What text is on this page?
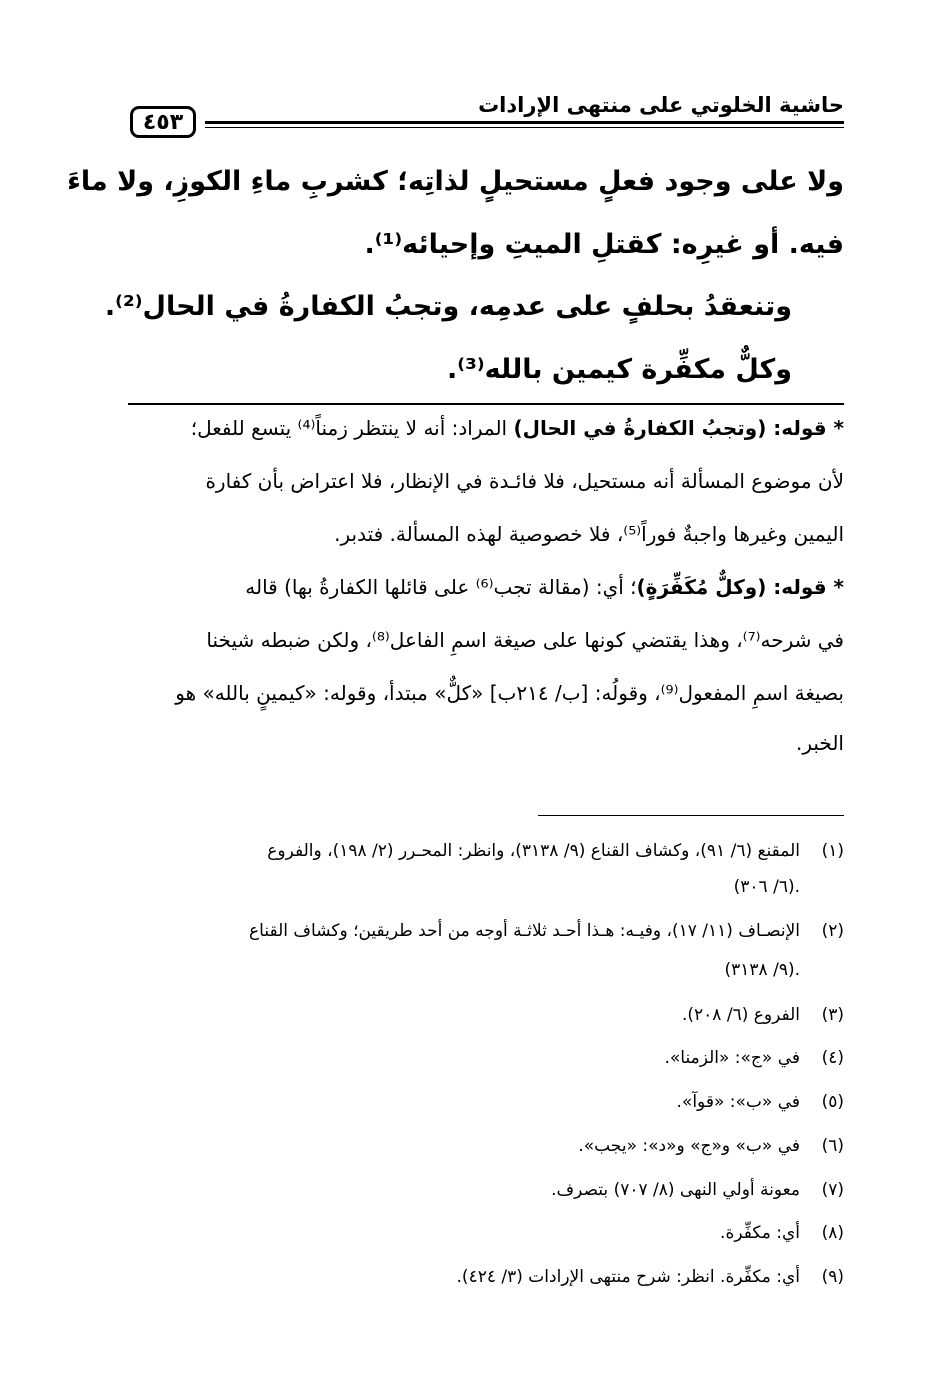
حاشية الخلوتي على منتهى الإرادات
٤٥٣
ولا على وجود فعلٍ مستحيلٍ لذاتِه؛ كشربِ ماءِ الكوزِ، ولا ماءَ
فيه. أو غيرِه: كقتلِ الميتِ وإحيائه⁽¹⁾.
وتنعقدُ بحلفٍ على عدمِه، وتجبُ الكفارةُ في الحال⁽²⁾.
وكلٌّ مكفِّرة كيمين بالله⁽³⁾.
* قوله: (وتجبُ الكفارةُ في الحال) المراد: أنه لا ينتظر زمناً⁽⁴⁾ يتسع للفعل؛
لأن موضوع المسألة أنه مستحيل، فلا فائـدة في الإنظار، فلا اعتراض بأن كفارة
اليمين وغيرها واجبةٌ فوراً⁽⁵⁾، فلا خصوصية لهذه المسألة. فتدبر.
* قوله: (وكلٌّ مُكَفِّرَةٍ)؛ أي: (مقالة تجب⁽⁶⁾ على قائلها الكفارةُ بها) قاله
في شرحه⁽⁷⁾، وهذا يقتضي كونها على صيغة اسمِ الفاعل⁽⁸⁾، ولكن ضبطه شيخنا
بصيغة اسمِ المفعول⁽⁹⁾، وقولُه: [ب/ ٢١٤ب] «كلٌّ» مبتدأ، وقوله: «كيمينٍ بالله» هو
الخبر.
(١)المقنع (٦/ ٩١)، وكشاف القناع (٩/ ٣١٣٨)، وانظر: المحـرر (٢/ ١٩٨)، والفروع
(٦/ ٣٠٦).
(٢)الإنصـاف (١١/ ١٧)، وفيـه: هـذا أحـد ثلاثـة أوجه من أحد طريقين؛ وكشاف القناع
(٩/ ٣١٣٨).
(٣)الفروع (٦/ ٢٠٨).
(٤)في «ج»: «الزمنا».
(٥)في «ب»: «قوآ».
(٦)في «ب» و«ج» و«د»: «يجب».
(٧)معونة أولي النهى (٨/ ٧٠٧) بتصرف.
(٨)أي: مكفِّرة.
(٩)أي: مكفِّرة. انظر: شرح منتهى الإرادات (٣/ ٤٢٤).
